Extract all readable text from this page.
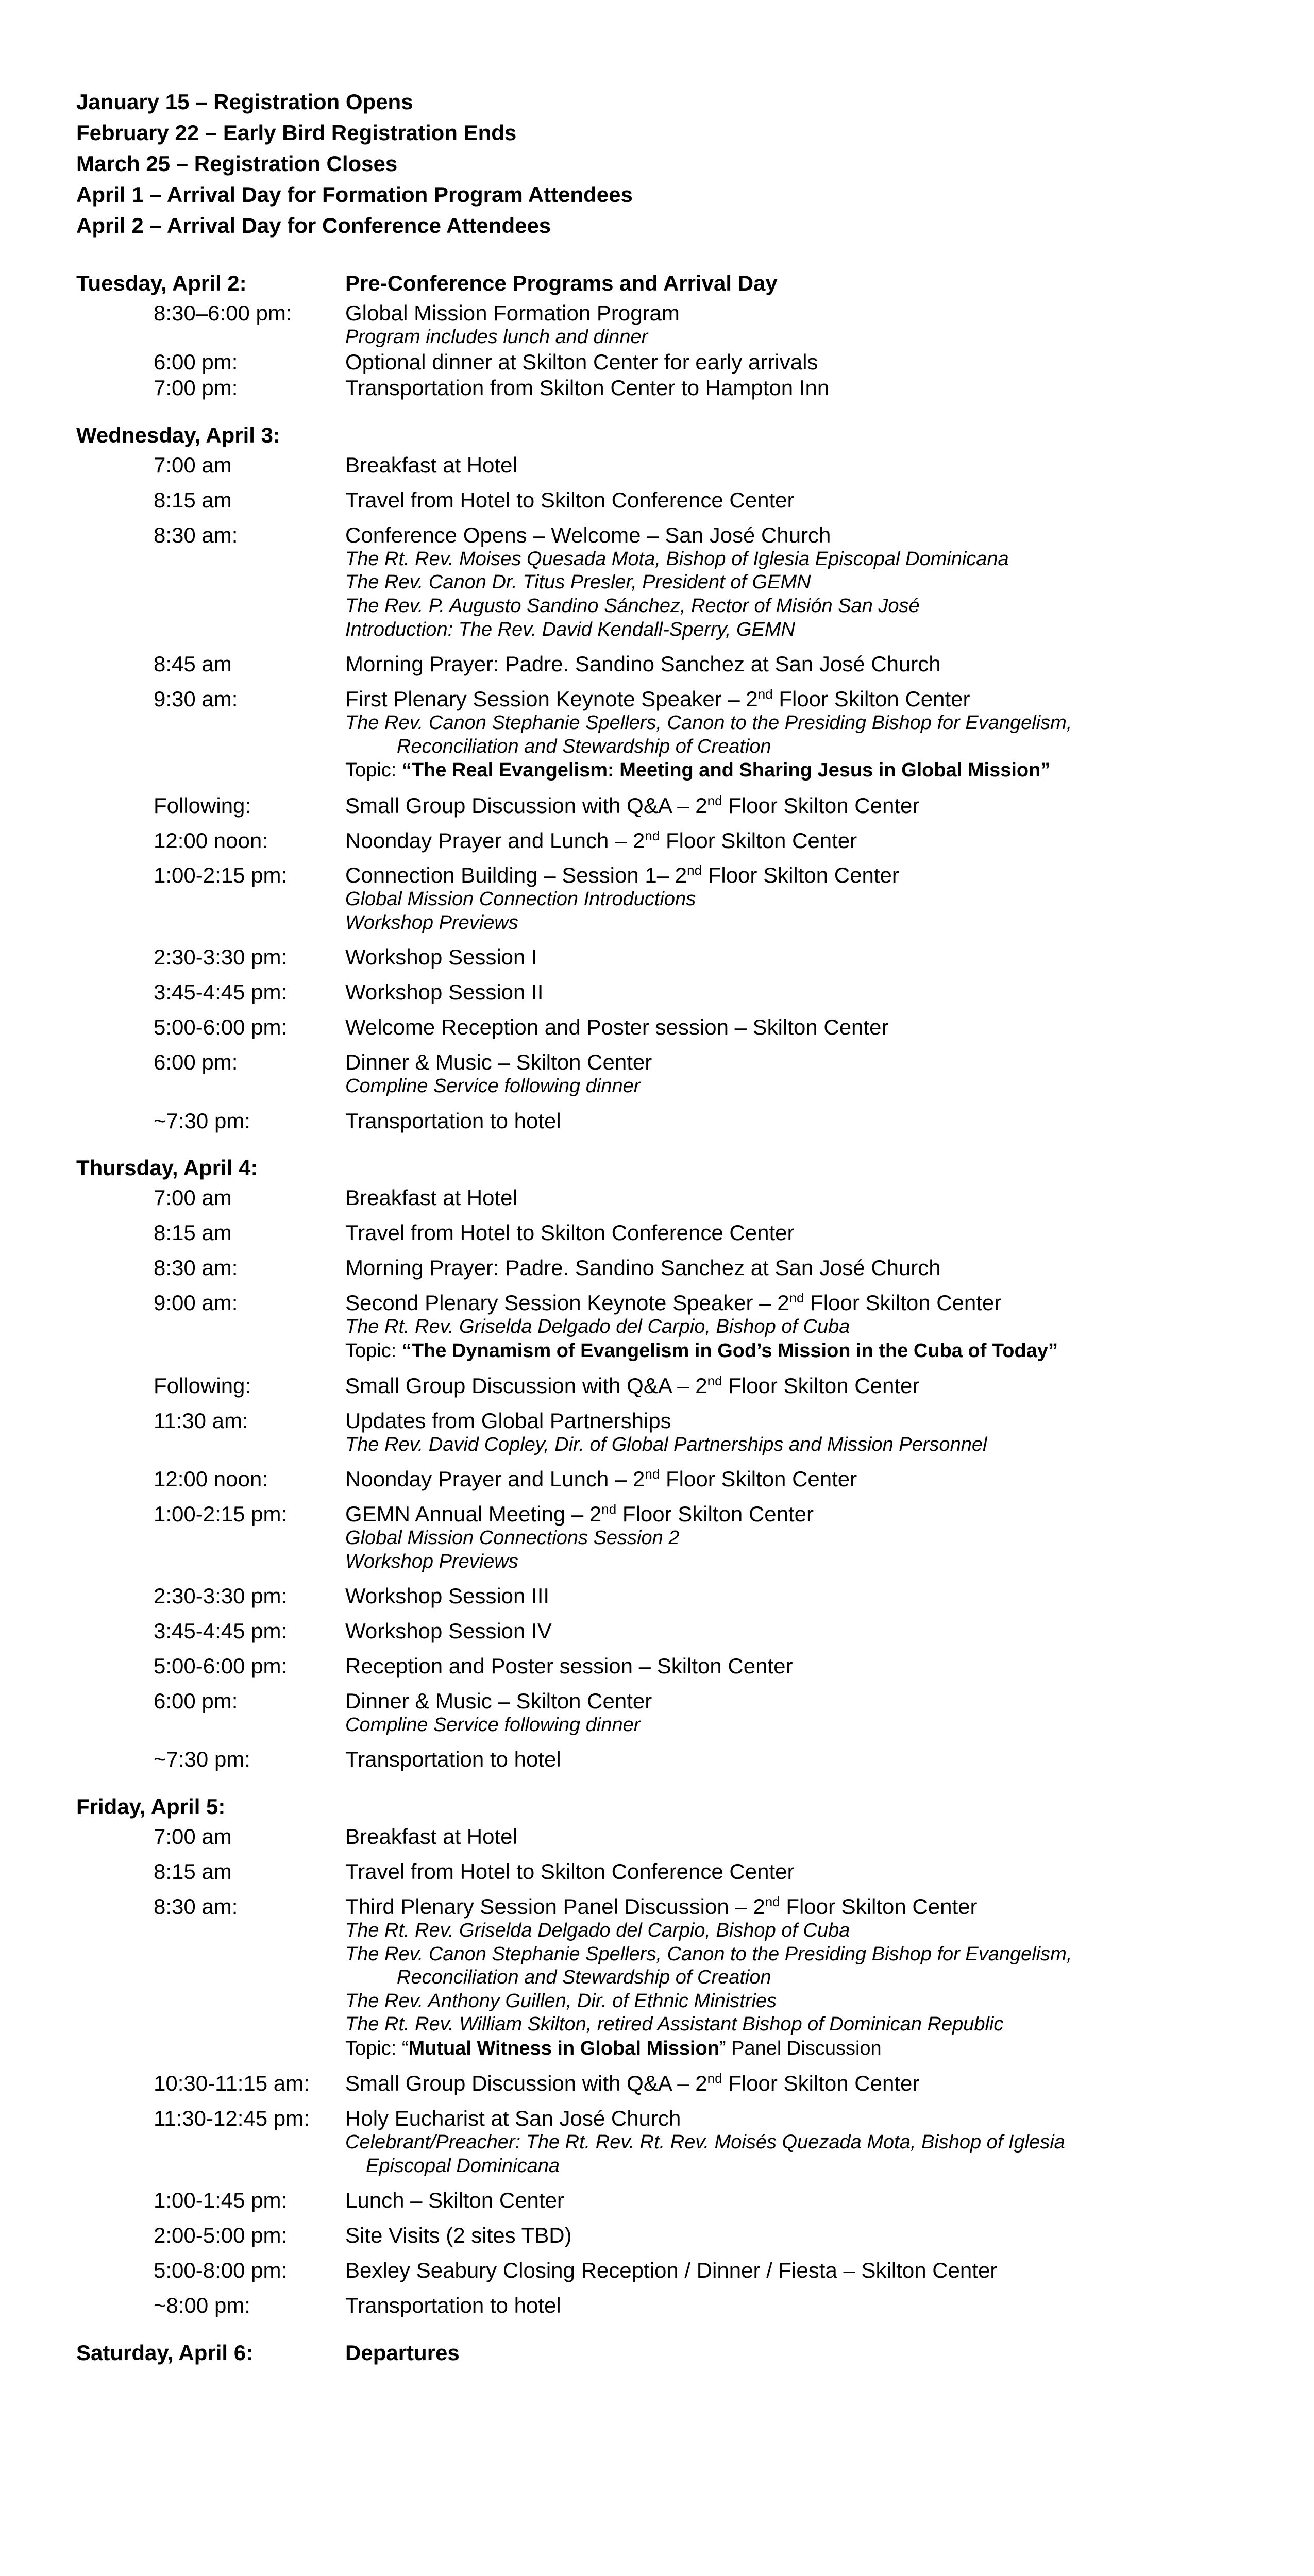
January 15 – Registration Opens

February 22 – Early Bird Registration Ends

March 25 – Registration Closes

April 1 – Arrival Day for Formation Program Attendees

April 2 – Arrival Day for Conference Attendees

Tuesday, April 2:	Pre-Conference Programs and Arrival Day
8:30–6:00 pm:	Global Mission Formation Program
Program includes lunch and dinner
6:00 pm:	Optional dinner at Skilton Center for early arrivals
7:00 pm:	Transportation from Skilton Center to Hampton Inn
Wednesday, April 3:
7:00 am	Breakfast at Hotel
8:15 am	Travel from Hotel to Skilton Conference Center
8:30 am:	Conference Opens – Welcome – San José Church
The Rt. Rev. Moises Quesada Mota, Bishop of Iglesia Episcopal Dominicana
The Rev. Canon Dr. Titus Presler, President of GEMN
The Rev. P. Augusto Sandino Sánchez, Rector of Misión San José
Introduction: The Rev. David Kendall-Sperry, GEMN
8:45 am	Morning Prayer: Padre. Sandino Sanchez at San José Church
9:30 am:	First Plenary Session Keynote Speaker – 2nd Floor Skilton Center
The Rev. Canon Stephanie Spellers, Canon to the Presiding Bishop for Evangelism,
Reconciliation and Stewardship of Creation
Topic: “The Real Evangelism: Meeting and Sharing Jesus in Global Mission”
Following:	Small Group Discussion with Q&A – 2nd Floor Skilton Center
12:00 noon:	Noonday Prayer and Lunch – 2nd Floor Skilton Center
1:00-2:15 pm:	Connection Building – Session 1– 2nd Floor Skilton Center
Global Mission Connection Introductions
Workshop Previews
2:30-3:30 pm:	Workshop Session I
3:45-4:45 pm:	Workshop Session II
5:00-6:00 pm:	Welcome Reception and Poster session – Skilton Center
6:00 pm:	Dinner & Music – Skilton Center
Compline Service following dinner
~7:30 pm:	Transportation to hotel
Thursday, April 4:
7:00 am	Breakfast at Hotel
8:15 am	Travel from Hotel to Skilton Conference Center
8:30 am:	Morning Prayer: Padre. Sandino Sanchez at San José Church
9:00 am:	Second Plenary Session Keynote Speaker – 2nd Floor Skilton Center
The Rt. Rev. Griselda Delgado del Carpio, Bishop of Cuba
Topic: “The Dynamism of Evangelism in God’s Mission in the Cuba of Today”
Following:	Small Group Discussion with Q&A – 2nd Floor Skilton Center
11:30 am:	Updates from Global Partnerships
The Rev. David Copley, Dir. of Global Partnerships and Mission Personnel
12:00 noon:	Noonday Prayer and Lunch – 2nd Floor Skilton Center
1:00-2:15 pm:	GEMN Annual Meeting – 2nd Floor Skilton Center
Global Mission Connections Session 2
Workshop Previews
2:30-3:30 pm:	Workshop Session III
3:45-4:45 pm:	Workshop Session IV
5:00-6:00 pm:	Reception and Poster session – Skilton Center
6:00 pm:	Dinner & Music – Skilton Center
Compline Service following dinner
~7:30 pm:	Transportation to hotel
Friday, April 5:
7:00 am	Breakfast at Hotel
8:15 am	Travel from Hotel to Skilton Conference Center
8:30 am:	Third Plenary Session Panel Discussion – 2nd Floor Skilton Center
The Rt. Rev. Griselda Delgado del Carpio, Bishop of Cuba
The Rev. Canon Stephanie Spellers, Canon to the Presiding Bishop for Evangelism,
Reconciliation and Stewardship of Creation
The Rev. Anthony Guillen, Dir. of Ethnic Ministries
The Rt. Rev. William Skilton, retired Assistant Bishop of Dominican Republic
Topic: “Mutual Witness in Global Mission” Panel Discussion
10:30-11:15 am:	Small Group Discussion with Q&A – 2nd Floor Skilton Center
11:30-12:45 pm:	Holy Eucharist at San José Church
Celebrant/Preacher: The Rt. Rev. Rt. Rev. Moisés Quezada Mota, Bishop of Iglesia
Episcopal Dominicana
1:00-1:45 pm:	Lunch – Skilton Center
2:00-5:00 pm:	Site Visits (2 sites TBD)
5:00-8:00 pm:	Bexley Seabury Closing Reception / Dinner / Fiesta – Skilton Center
~8:00 pm:	Transportation to hotel
Saturday, April 6:	Departures
